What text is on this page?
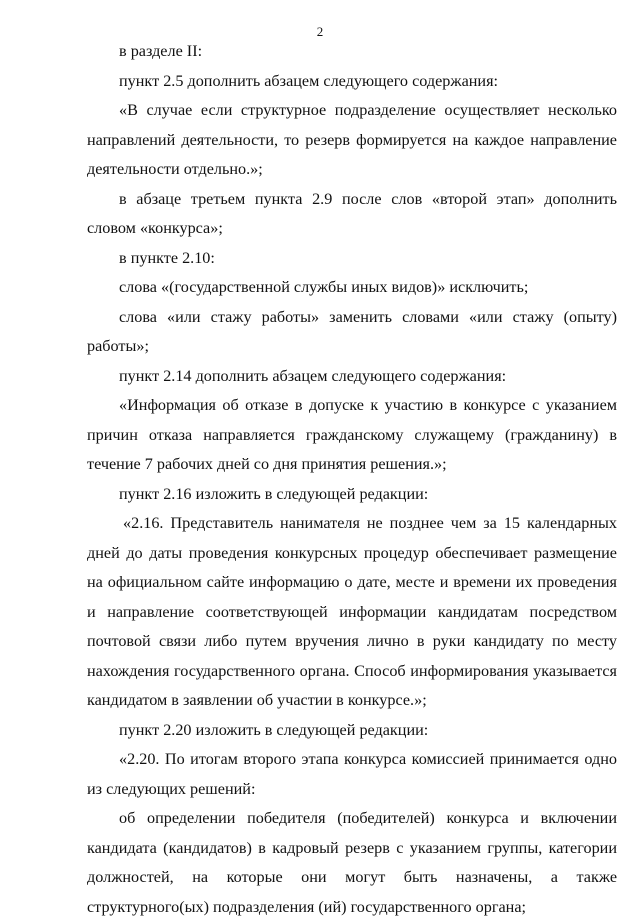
2

в разделе II:

пункт 2.5 дополнить абзацем следующего содержания:

«В случае если структурное подразделение осуществляет несколько направлений деятельности, то резерв формируется на каждое направление деятельности отдельно.»;

в абзаце третьем пункта 2.9 после слов «второй этап» дополнить словом «конкурса»;

в пункте 2.10:

слова «(государственной службы иных видов)» исключить;

слова «или стажу работы» заменить словами «или стажу (опыту) работы»;

пункт 2.14 дополнить абзацем следующего содержания:

«Информация об отказе в допуске к участию в конкурсе с указанием причин отказа направляется гражданскому служащему (гражданину) в течение 7 рабочих дней со дня принятия решения.»;

пункт 2.16 изложить в следующей редакции:

«2.16. Представитель нанимателя не позднее чем за 15 календарных дней до даты проведения конкурсных процедур обеспечивает размещение на официальном сайте информацию о дате, месте и времени их проведения и направление соответствующей информации кандидатам посредством почтовой связи либо путем вручения лично в руки кандидату по месту нахождения государственного органа. Способ информирования указывается кандидатом в заявлении об участии в конкурсе.»;

пункт 2.20 изложить в следующей редакции:

«2.20. По итогам второго этапа конкурса комиссией принимается одно из следующих решений:

об определении победителя (победителей) конкурса и включении кандидата (кандидатов) в кадровый резерв с указанием группы, категории должностей, на которые они могут быть назначены, а также структурного(ых) подразделения (ий) государственного органа;
